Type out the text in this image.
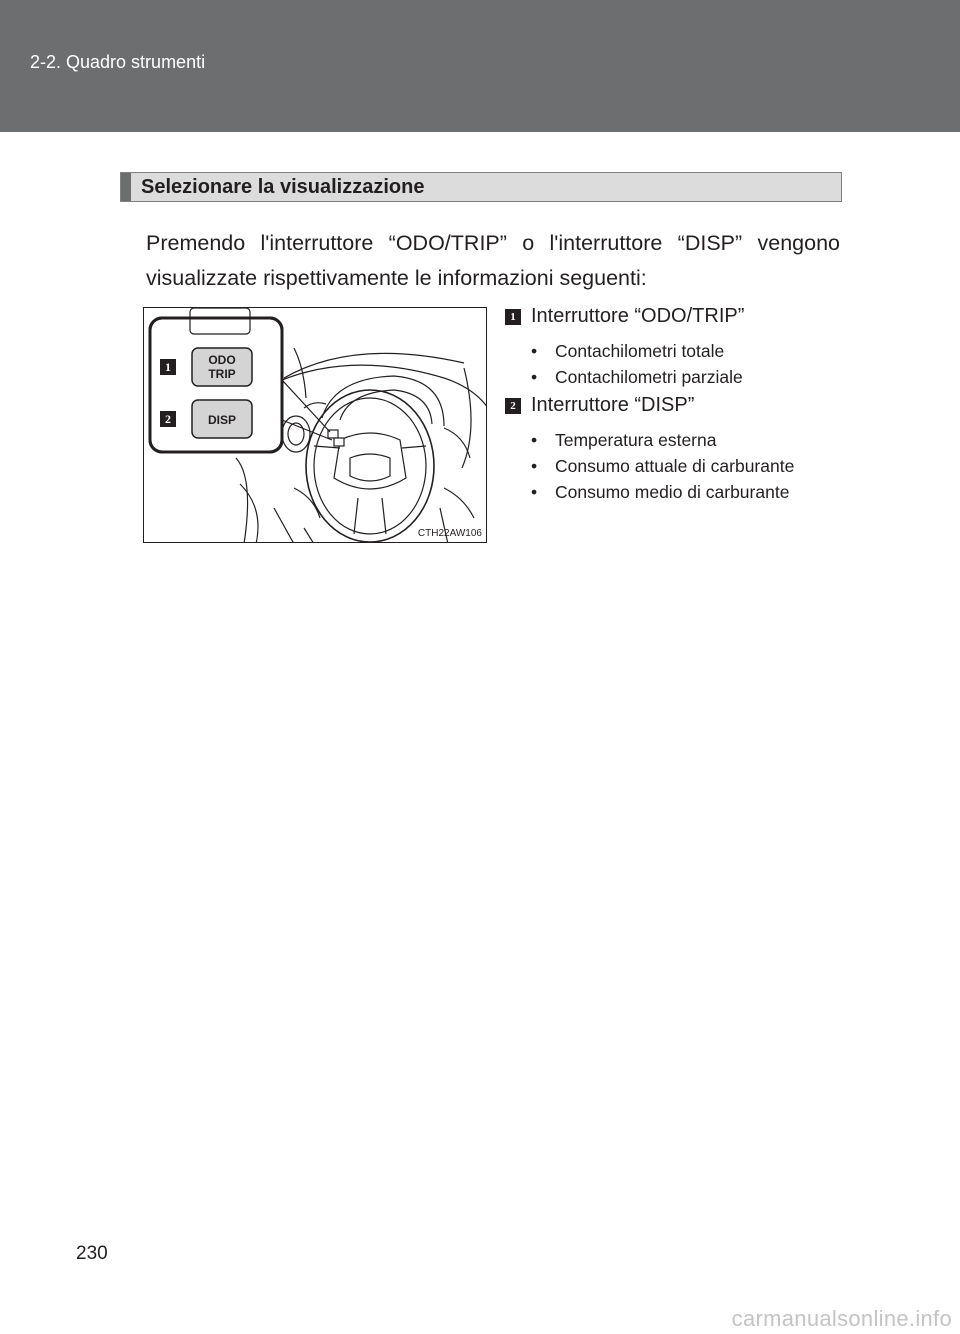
2-2. Quadro strumenti
Selezionare la visualizzazione

Premendo l'interruttore “ODO/TRIP” o l'interruttore “DISP” vengono visualizzate rispettivamente le informazioni seguenti:

ODO
TRIP
DISP
1
2
CTH22AW106
1 Interruttore “ODO/TRIP”
• Contachilometri totale
• Contachilometri parziale
2 Interruttore “DISP”
• Temperatura esterna
• Consumo attuale di carburante
• Consumo medio di carburante
230
carmanualsonline.info
